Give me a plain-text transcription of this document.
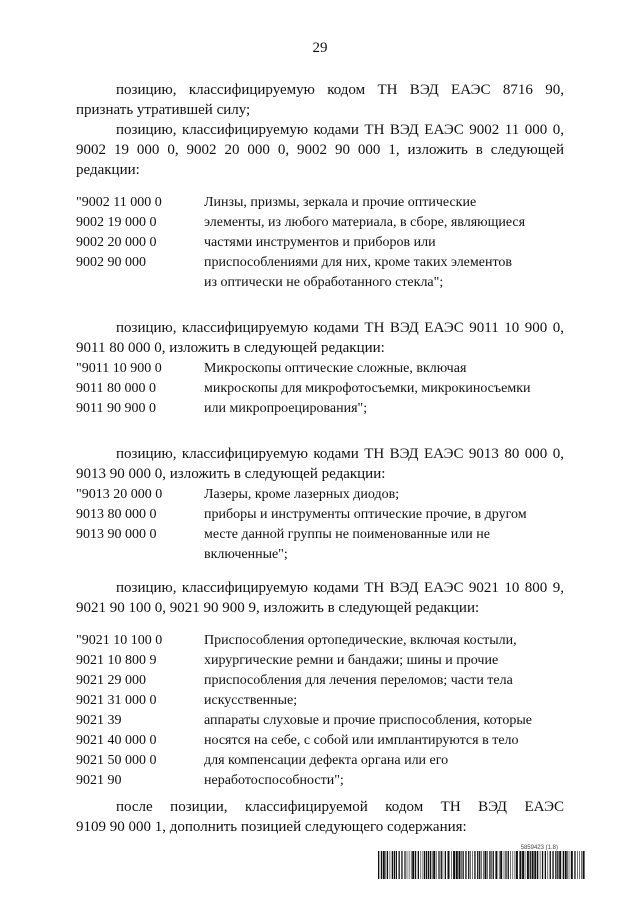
29
позицию, классифицируемую кодом ТН ВЭД ЕАЭС 8716 90,
признать утратившей силу;
позицию, классифицируемую кодами ТН ВЭД ЕАЭС 9002 11 000 0,
9002 19 000 0, 9002 20 000 0, 9002 90 000 1, изложить в следующей
редакции:
"9002 11 000 0
9002 19 000 0
9002 20 000 0
9002 90 000
Линзы, призмы, зеркала и прочие оптические
элементы, из любого материала, в сборе, являющиеся
частями инструментов и приборов или
приспособлениями для них, кроме таких элементов
из оптически не обработанного стекла";
позицию, классифицируемую кодами ТН ВЭД ЕАЭС 9011 10 900 0,
9011 80 000 0, изложить в следующей редакции:
"9011 10 900 0
9011 80 000 0
9011 90 900 0
Микроскопы оптические сложные, включая
микроскопы для микрофотосъемки, микрокиносъемки
или микропроецирования";
позицию, классифицируемую кодами ТН ВЭД ЕАЭС 9013 80 000 0,
9013 90 000 0, изложить в следующей редакции:
"9013 20 000 0
9013 80 000 0
9013 90 000 0
Лазеры, кроме лазерных диодов;
приборы и инструменты оптические прочие, в другом
месте данной группы не поименованные или не
включенные";
позицию, классифицируемую кодами ТН ВЭД ЕАЭС 9021 10 800 9,
9021 90 100 0, 9021 90 900 9, изложить в следующей редакции:
"9021 10 100 0
9021 10 800 9
9021 29 000
9021 31 000 0
9021 39
9021 40 000 0
9021 50 000 0
9021 90
Приспособления ортопедические, включая костыли,
хирургические ремни и бандажи; шины и прочие
приспособления для лечения переломов; части тела
искусственные;
аппараты слуховые и прочие приспособления, которые
носятся на себе, с собой или имплантируются в тело
для компенсации дефекта органа или его
неработоспособности";
после позиции, классифицируемой кодом ТН ВЭД ЕАЭС
9109 90 000 1, дополнить позицией следующего содержания:
5859423 (1.8)
